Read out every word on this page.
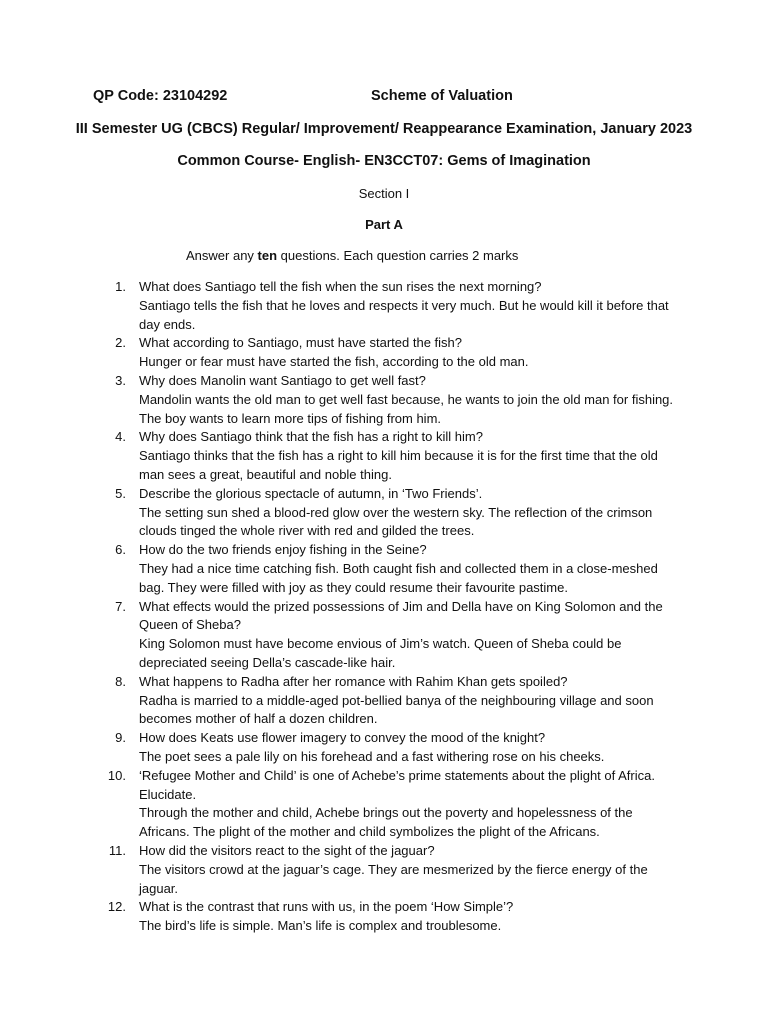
QP Code: 23104292	Scheme of Valuation
III Semester UG (CBCS) Regular/ Improvement/ Reappearance Examination, January 2023
Common Course- English- EN3CCT07: Gems of Imagination
Section I
Part A
Answer any ten questions. Each question carries 2 marks
1. What does Santiago tell the fish when the sun rises the next morning?
Santiago tells the fish that he loves and respects it very much. But he would kill it before that day ends.
2. What according to Santiago, must have started the fish?
Hunger or fear must have started the fish, according to the old man.
3. Why does Manolin want Santiago to get well fast?
Mandolin wants the old man to get well fast because, he wants to join the old man for fishing. The boy wants to learn more tips of fishing from him.
4. Why does Santiago think that the fish has a right to kill him?
Santiago thinks that the fish has a right to kill him because it is for the first time that the old man sees a great, beautiful and noble thing.
5. Describe the glorious spectacle of autumn, in ‘Two Friends’.
The setting sun shed a blood-red glow over the western sky. The reflection of the crimson clouds tinged the whole river with red and gilded the trees.
6. How do the two friends enjoy fishing in the Seine?
They had a nice time catching fish. Both caught fish and collected them in a close-meshed bag. They were filled with joy as they could resume their favourite pastime.
7. What effects would the prized possessions of Jim and Della have on King Solomon and the Queen of Sheba?
King Solomon must have become envious of Jim’s watch. Queen of Sheba could be depreciated seeing Della’s cascade-like hair.
8. What happens to Radha after her romance with Rahim Khan gets spoiled?
Radha is married to a middle-aged pot-bellied banya of the neighbouring village and soon becomes mother of half a dozen children.
9. How does Keats use flower imagery to convey the mood of the knight?
The poet sees a pale lily on his forehead and a fast withering rose on his cheeks.
10. ‘Refugee Mother and Child’ is one of Achebe’s prime statements about the plight of Africa. Elucidate.
Through the mother and child, Achebe brings out the poverty and hopelessness of the Africans. The plight of the mother and child symbolizes the plight of the Africans.
11. How did the visitors react to the sight of the jaguar?
The visitors crowd at the jaguar’s cage. They are mesmerized by the fierce energy of the jaguar.
12. What is the contrast that runs with us, in the poem ‘How Simple’?
The bird’s life is simple. Man’s life is complex and troublesome.
